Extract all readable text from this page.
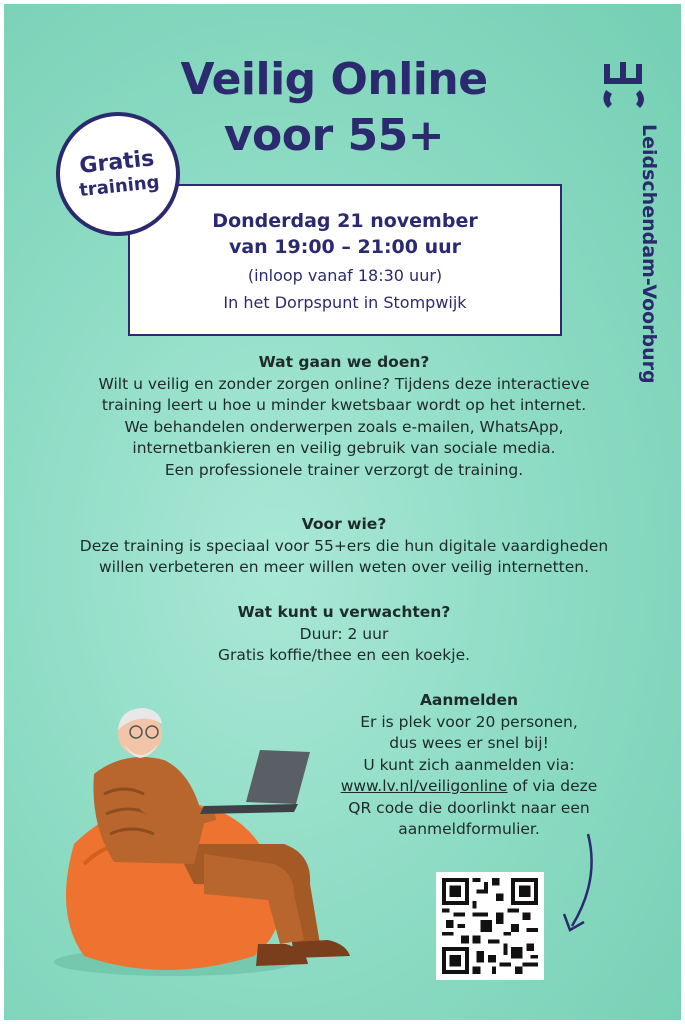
Veilig Online
voor 55+	Leidschendam-Voorburg
Gratis
training
Donderdag 21 november
van 19:00 – 21:00 uur
(inloop vanaf 18:30 uur)
In het Dorpspunt in Stompwijk
Wat gaan we doen?
Wilt u veilig en zonder zorgen online? Tijdens deze interactieve
training leert u hoe u minder kwetsbaar wordt op het internet.
We behandelen onderwerpen zoals e-mailen, WhatsApp,
internetbankieren en veilig gebruik van sociale media.
Een professionele trainer verzorgt de training.
Voor wie?
Deze training is speciaal voor 55+ers die hun digitale vaardigheden
willen verbeteren en meer willen weten over veilig internetten.
Wat kunt u verwachten?
Duur: 2 uur
Gratis koffie/thee en een koekje.
Aanmelden
Er is plek voor 20 personen,
dus wees er snel bij!
U kunt zich aanmelden via:
www.lv.nl/veiligonline of via deze
QR code die doorlinkt naar een
aanmeldformulier.
